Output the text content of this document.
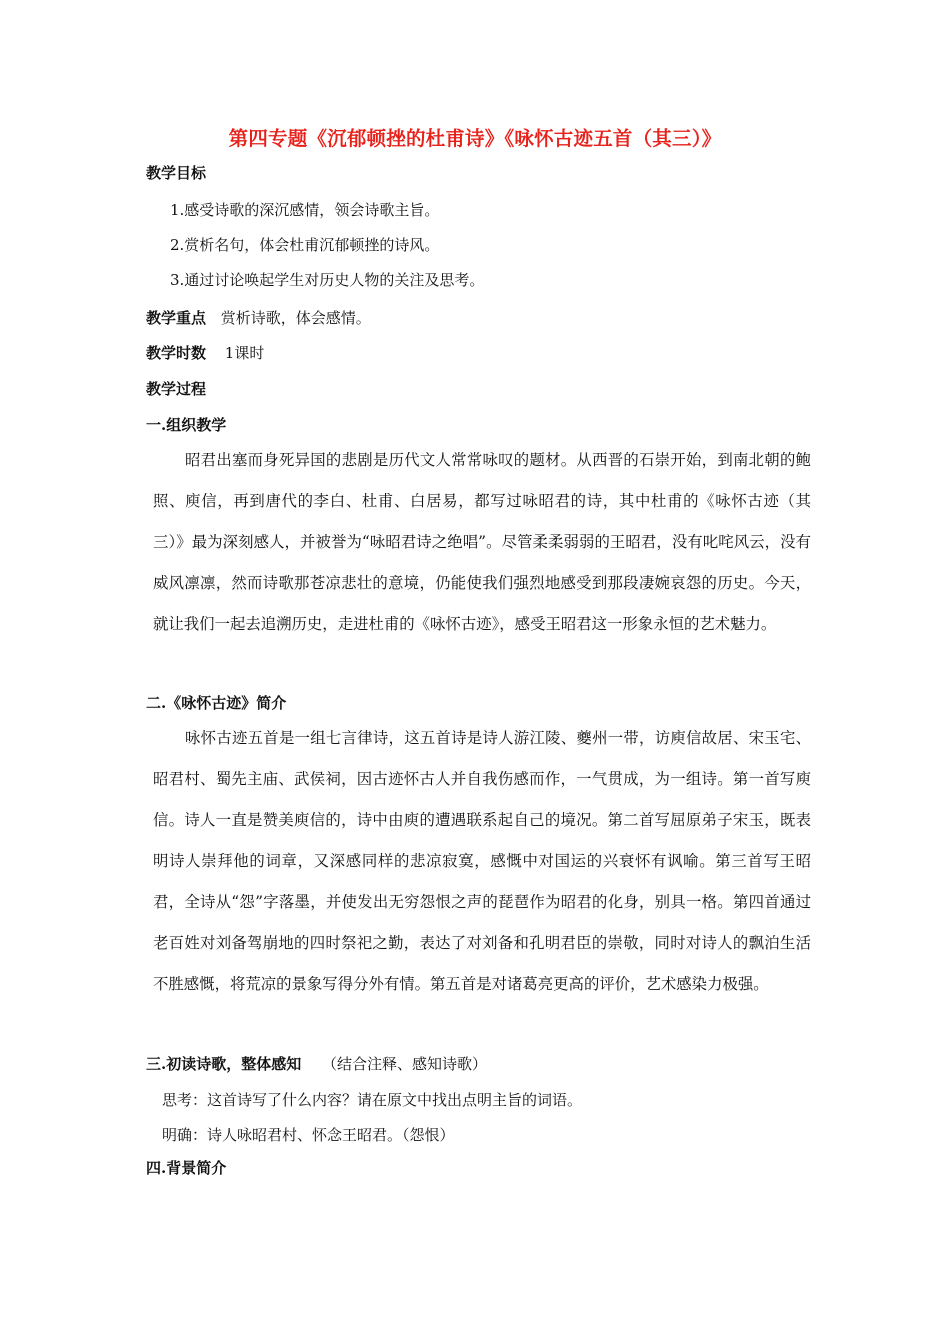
第四专题《沉郁顿挫的杜甫诗》《咏怀古迹五首（其三）》
教学目标
1.感受诗歌的深沉感情，领会诗歌主旨。
2.赏析名句，体会杜甫沉郁顿挫的诗风。
3.通过讨论唤起学生对历史人物的关注及思考。
教学重点 赏析诗歌，体会感情。
教学时数 1课时
教学过程
一.组织教学
昭君出塞而身死异国的悲剧是历代文人常常咏叹的题材。从西晋的石崇开始，到南北朝的鲍照、庾信，再到唐代的李白、杜甫、白居易，都写过咏昭君的诗，其中杜甫的《咏怀古迹（其三）》最为深刻感人，并被誉为“咏昭君诗之绝唱”。尽管柔柔弱弱的王昭君，没有叱咤风云，没有威风凛凛，然而诗歌那苍凉悲壮的意境，仍能使我们强烈地感受到那段凄婉哀怨的历史。今天，就让我们一起去追溯历史，走进杜甫的《咏怀古迹》，感受王昭君这一形象永恒的艺术魅力。
二.《咏怀古迹》简介
咏怀古迹五首是一组七言律诗，这五首诗是诗人游江陵、夔州一带，访庾信故居、宋玉宅、昭君村、蜀先主庙、武侯祠，因古迹怀古人并自我伤感而作，一气贯成，为一组诗。第一首写庾信。诗人一直是赞美庾信的，诗中由庾的遭遇联系起自己的境况。第二首写屈原弟子宋玉，既表明诗人崇拜他的词章，又深感同样的悲凉寂寞，感慨中对国运的兴衰怀有讽喻。第三首写王昭君，全诗从“怨”字落墨，并使发出无穷怨恨之声的琵琶作为昭君的化身，别具一格。第四首通过老百姓对刘备驾崩地的四时祭祀之勤，表达了对刘备和孔明君臣的崇敬，同时对诗人的飘泊生活不胜感慨，将荒凉的景象写得分外有情。第五首是对诸葛亮更高的评价，艺术感染力极强。
三.初读诗歌，整体感知 （结合注释、感知诗歌）
思考：这首诗写了什么内容？请在原文中找出点明主旨的词语。
明确：诗人咏昭君村、怀念王昭君。（怨恨）
四.背景简介
